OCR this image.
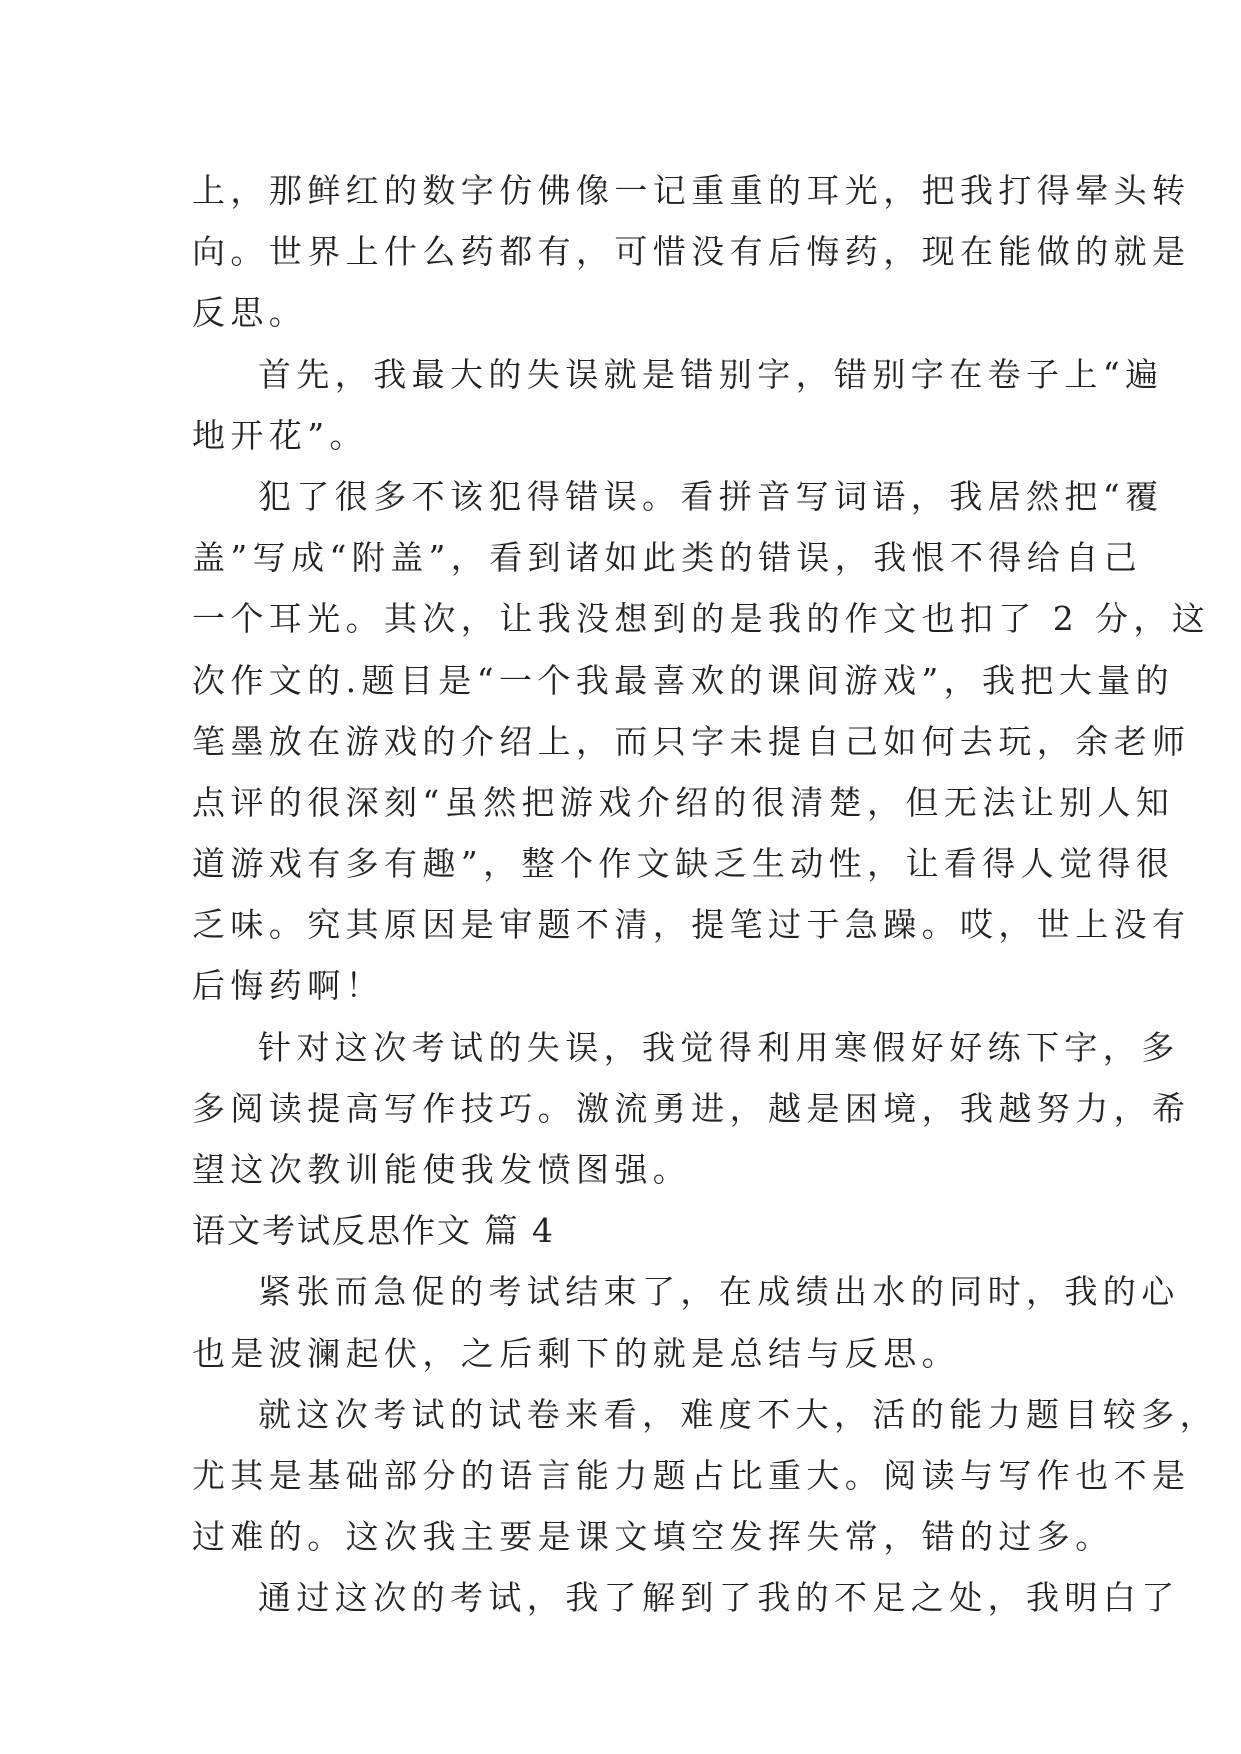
上，那鲜红的数字仿佛像一记重重的耳光，把我打得晕头转
向。世界上什么药都有，可惜没有后悔药，现在能做的就是
反思。
首先，我最大的失误就是错别字，错别字在卷子上“遍
地开花”。
犯了很多不该犯得错误。看拼音写词语，我居然把“覆
盖”写成“附盖”，看到诸如此类的错误，我恨不得给自己
一个耳光。其次，让我没想到的是我的作文也扣了 2 分，这
次作文的.题目是“一个我最喜欢的课间游戏”，我把大量的
笔墨放在游戏的介绍上，而只字未提自己如何去玩，余老师
点评的很深刻“虽然把游戏介绍的很清楚，但无法让别人知
道游戏有多有趣”，整个作文缺乏生动性，让看得人觉得很
乏味。究其原因是审题不清，提笔过于急躁。哎，世上没有
后悔药啊！
针对这次考试的失误，我觉得利用寒假好好练下字，多
多阅读提高写作技巧。激流勇进，越是困境，我越努力，希
望这次教训能使我发愤图强。
语文考试反思作文 篇 4
紧张而急促的考试结束了，在成绩出水的同时，我的心
也是波澜起伏，之后剩下的就是总结与反思。
就这次考试的试卷来看，难度不大，活的能力题目较多，
尤其是基础部分的语言能力题占比重大。阅读与写作也不是
过难的。这次我主要是课文填空发挥失常，错的过多。
通过这次的考试，我了解到了我的不足之处，我明白了
